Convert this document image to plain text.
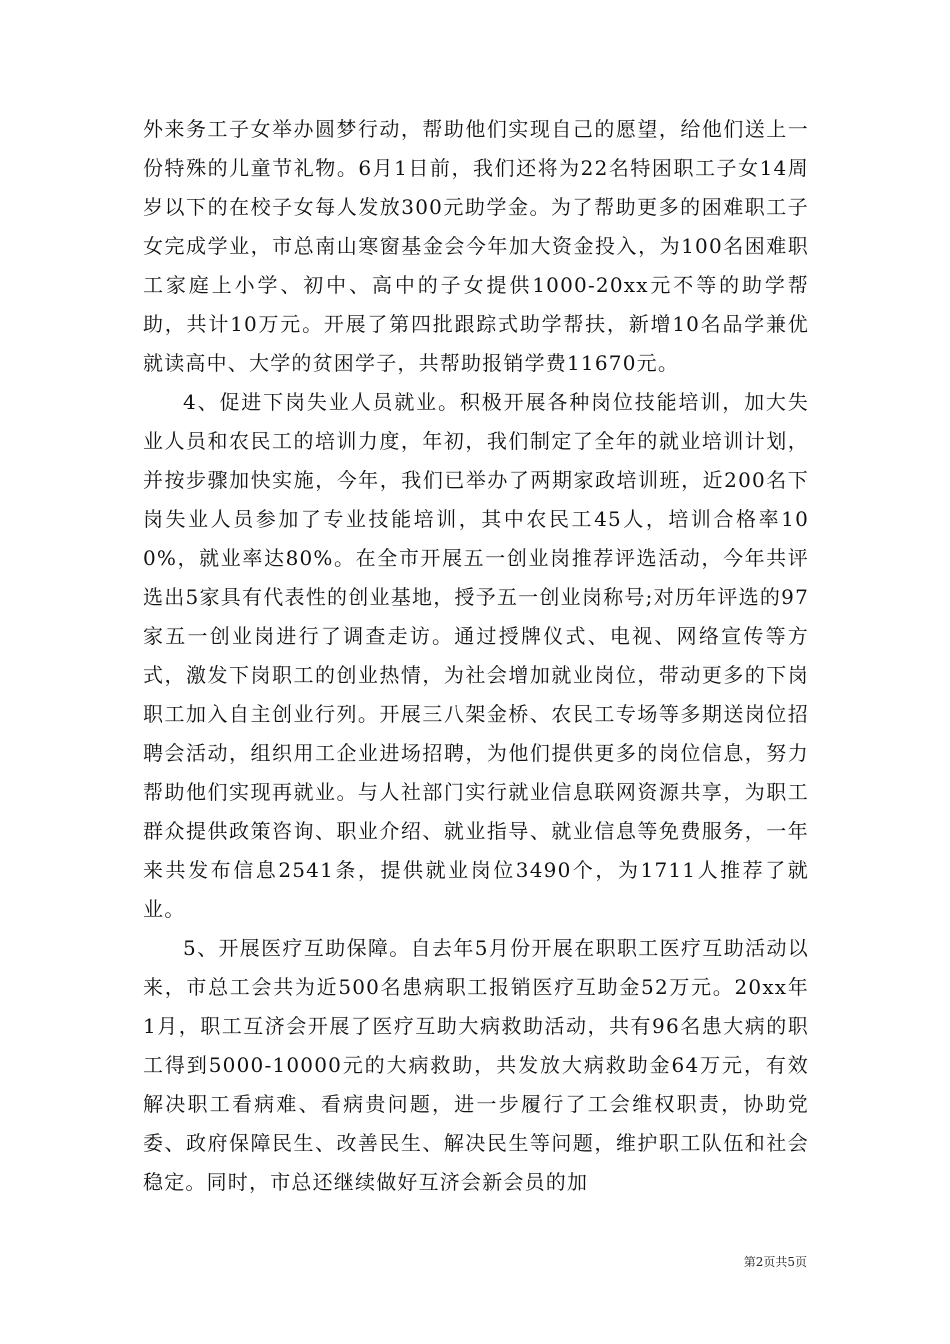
外来务工子女举办圆梦行动，帮助他们实现自己的愿望，给他们送上一份特殊的儿童节礼物。6月1日前，我们还将为22名特困职工子女14周岁以下的在校子女每人发放300元助学金。为了帮助更多的困难职工子女完成学业，市总南山寒窗基金会今年加大资金投入，为100名困难职工家庭上小学、初中、高中的子女提供1000-20xx元不等的助学帮助，共计10万元。开展了第四批跟踪式助学帮扶，新增10名品学兼优就读高中、大学的贫困学子，共帮助报销学费11670元。

4、促进下岗失业人员就业。积极开展各种岗位技能培训，加大失业人员和农民工的培训力度，年初，我们制定了全年的就业培训计划，并按步骤加快实施，今年，我们已举办了两期家政培训班，近200名下岗失业人员参加了专业技能培训，其中农民工45人，培训合格率100%，就业率达80%。在全市开展五一创业岗推荐评选活动，今年共评选出5家具有代表性的创业基地，授予五一创业岗称号;对历年评选的97家五一创业岗进行了调查走访。通过授牌仪式、电视、网络宣传等方式，激发下岗职工的创业热情，为社会增加就业岗位，带动更多的下岗职工加入自主创业行列。开展三八架金桥、农民工专场等多期送岗位招聘会活动，组织用工企业进场招聘，为他们提供更多的岗位信息，努力帮助他们实现再就业。与人社部门实行就业信息联网资源共享，为职工群众提供政策咨询、职业介绍、就业指导、就业信息等免费服务，一年来共发布信息2541条，提供就业岗位3490个，为1711人推荐了就业。

5、开展医疗互助保障。自去年5月份开展在职职工医疗互助活动以来，市总工会共为近500名患病职工报销医疗互助金52万元。20xx年1月，职工互济会开展了医疗互助大病救助活动，共有96名患大病的职工得到5000-10000元的大病救助，共发放大病救助金64万元，有效解决职工看病难、看病贵问题，进一步履行了工会维权职责，协助党委、政府保障民生、改善民生、解决民生等问题，维护职工队伍和社会稳定。同时，市总还继续做好互济会新会员的加

第2页共5页
